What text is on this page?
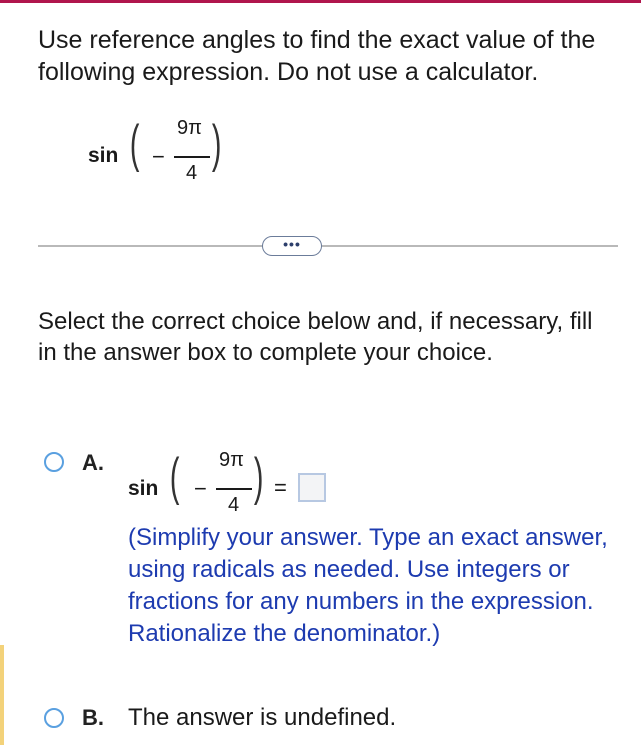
Use reference angles to find the exact value of the following expression. Do not use a calculator.
sin ( −
9π
4 )
•••
Select the correct choice below and, if necessary, fill in the answer box to complete your choice.
A.
sin ( −
9π
4 ) =
(Simplify your answer. Type an exact answer, using radicals as needed. Use integers or fractions for any numbers in the expression. Rationalize the denominator.)
B. The answer is undefined.
